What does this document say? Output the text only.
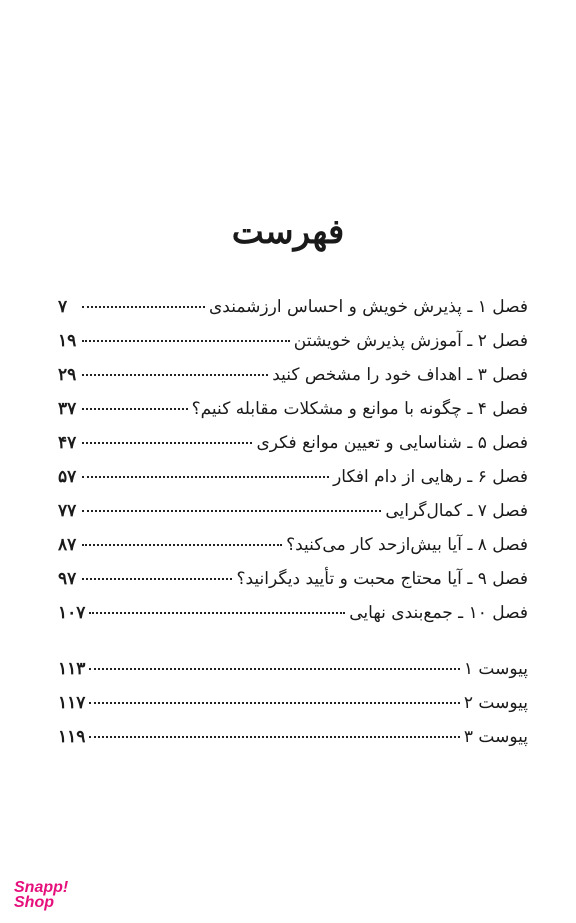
فهرست
فصل ۱ ـ پذیرش خویش و احساس ارزشمندی
۷
فصل ۲ ـ آموزش پذیرش خویشتن
۱۹
فصل ۳ ـ اهداف خود را مشخص کنید
۲۹
فصل ۴ ـ چگونه با موانع و مشکلات مقابله کنیم؟
۳۷
فصل ۵ ـ شناسایی و تعیین موانع فکری
۴۷
فصل ۶ ـ رهایی از دام افکار
۵۷
فصل ۷ ـ کمال‌گرایی
۷۷
فصل ۸ ـ آیا بیش‌ازحد کار می‌کنید؟
۸۷
فصل ۹ ـ آیا محتاج محبت و تأیید دیگرانید؟
۹۷
فصل ۱۰ ـ جمع‌بندی نهایی
۱۰۷
پیوست ۱
۱۱۳
پیوست ۲
۱۱۷
پیوست ۳
۱۱۹
Snapp!
Shop
